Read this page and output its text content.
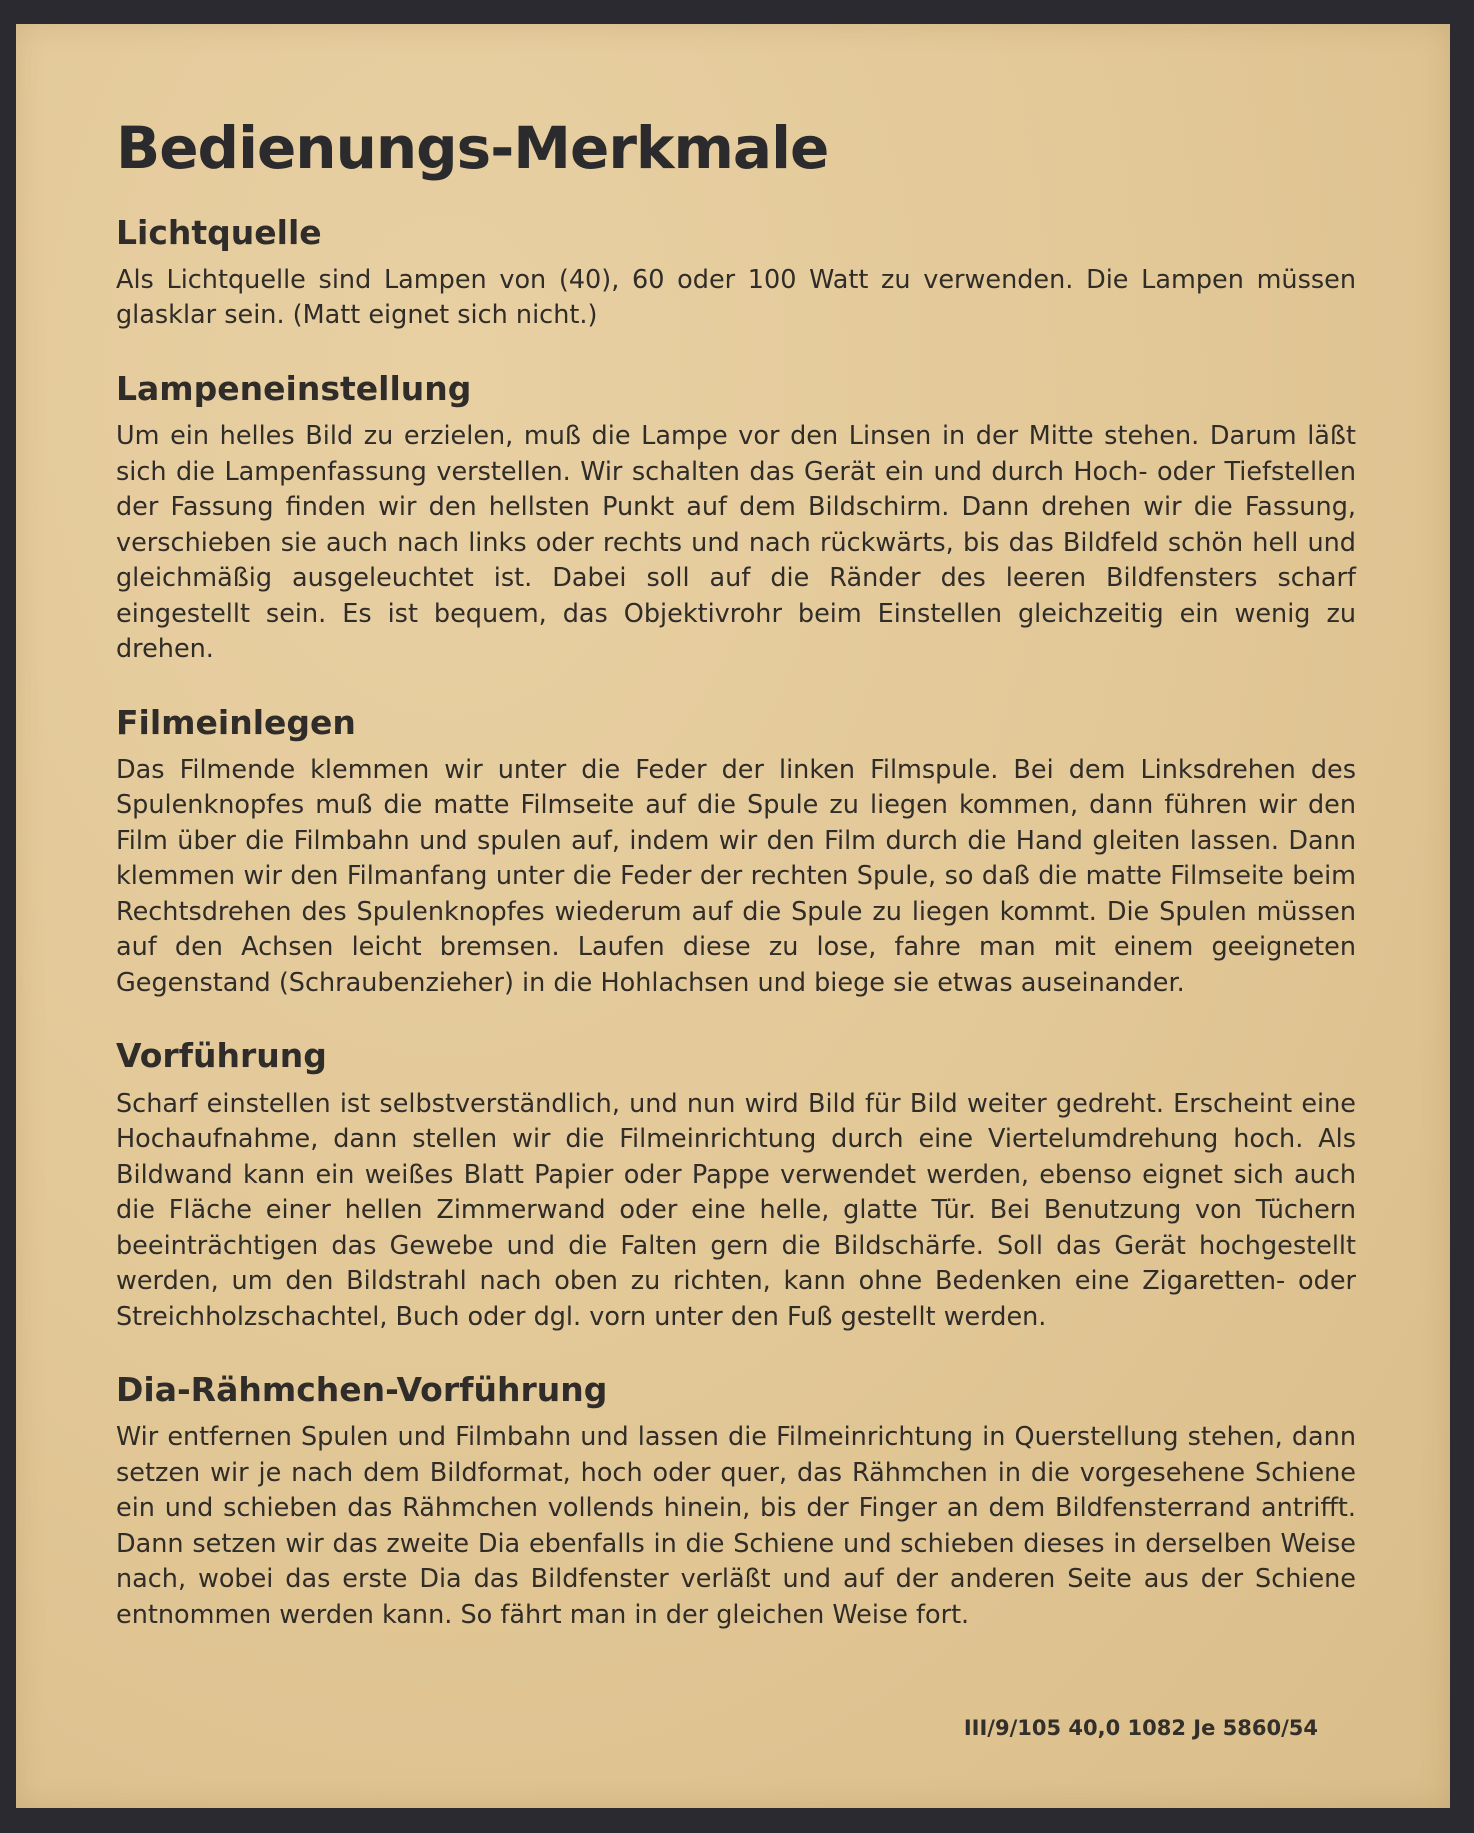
Bedienungs-Merkmale
Lichtquelle

Als Lichtquelle sind Lampen von (40), 60 oder 100 Watt zu verwenden. Die Lampen müssen glasklar sein. (Matt eignet sich nicht.)

Lampeneinstellung

Um ein helles Bild zu erzielen, muß die Lampe vor den Linsen in der Mitte stehen. Darum läßt sich die Lampenfassung verstellen. Wir schalten das Gerät ein und durch Hoch- oder Tiefstellen der Fassung finden wir den hellsten Punkt auf dem Bildschirm. Dann drehen wir die Fassung, verschieben sie auch nach links oder rechts und nach rückwärts, bis das Bildfeld schön hell und gleichmäßig ausgeleuchtet ist. Dabei soll auf die Ränder des leeren Bildfensters scharf eingestellt sein. Es ist bequem, das Objektivrohr beim Einstellen gleichzeitig ein wenig zu drehen.

Filmeinlegen

Das Filmende klemmen wir unter die Feder der linken Filmspule. Bei dem Linksdrehen des Spulenknopfes muß die matte Filmseite auf die Spule zu liegen kommen, dann führen wir den Film über die Filmbahn und spulen auf, indem wir den Film durch die Hand gleiten lassen. Dann klemmen wir den Filmanfang unter die Feder der rechten Spule, so daß die matte Filmseite beim Rechtsdrehen des Spulenknopfes wiederum auf die Spule zu liegen kommt. Die Spulen müssen auf den Achsen leicht bremsen. Laufen diese zu lose, fahre man mit einem geeigneten Gegenstand (Schraubenzieher) in die Hohlachsen und biege sie etwas auseinander.

Vorführung

Scharf einstellen ist selbstverständlich, und nun wird Bild für Bild weiter gedreht. Erscheint eine Hochaufnahme, dann stellen wir die Filmeinrichtung durch eine Viertelumdrehung hoch. Als Bildwand kann ein weißes Blatt Papier oder Pappe verwendet werden, ebenso eignet sich auch die Fläche einer hellen Zimmerwand oder eine helle, glatte Tür. Bei Benutzung von Tüchern beeinträchtigen das Gewebe und die Falten gern die Bildschärfe. Soll das Gerät hochgestellt werden, um den Bildstrahl nach oben zu richten, kann ohne Bedenken eine Zigaretten- oder Streichholzschachtel, Buch oder dgl. vorn unter den Fuß gestellt werden.

Dia-Rähmchen-Vorführung

Wir entfernen Spulen und Filmbahn und lassen die Filmeinrichtung in Querstellung stehen, dann setzen wir je nach dem Bildformat, hoch oder quer, das Rähmchen in die vorgesehene Schiene ein und schieben das Rähmchen vollends hinein, bis der Finger an dem Bildfensterrand antrifft. Dann setzen wir das zweite Dia ebenfalls in die Schiene und schieben dieses in derselben Weise nach, wobei das erste Dia das Bildfenster verläßt und auf der anderen Seite aus der Schiene entnommen werden kann. So fährt man in der gleichen Weise fort.

III/9/105 40,0 1082 Je 5860/54
